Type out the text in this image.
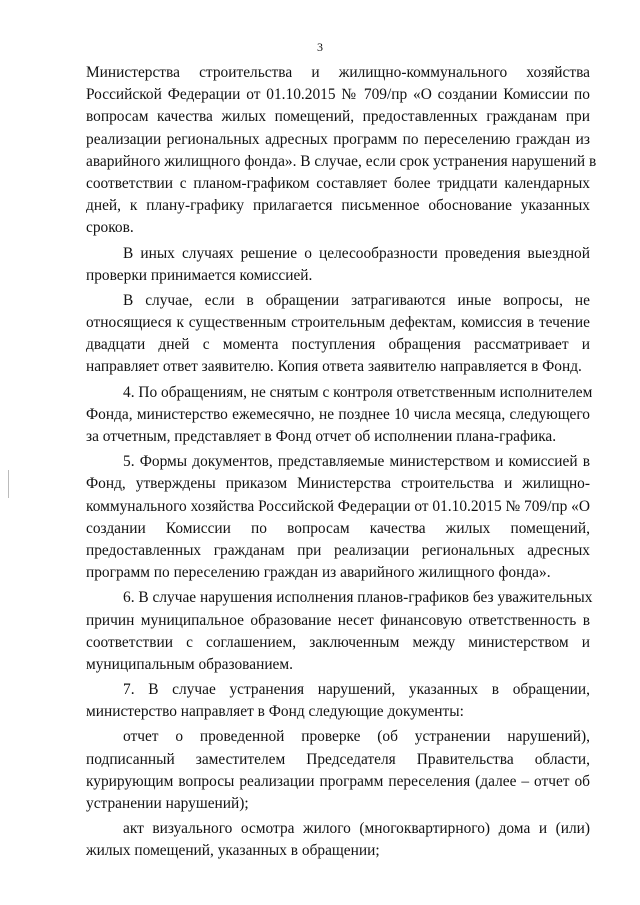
3
Министерства строительства и жилищно-коммунального хозяйства
Российской Федерации от 01.10.2015 № 709/пр «О создании Комиссии по
вопросам качества жилых помещений, предоставленных гражданам при
реализации региональных адресных программ по переселению граждан из
аварийного жилищного фонда». В случае, если срок устранения нарушений в
соответствии с планом-графиком составляет более тридцати календарных
дней, к плану-графику прилагается письменное обоснование указанных
сроков.
В иных случаях решение о целесообразности проведения выездной
проверки принимается комиссией.
В случае, если в обращении затрагиваются иные вопросы, не
относящиеся к существенным строительным дефектам, комиссия в течение
двадцати дней с момента поступления обращения рассматривает и
направляет ответ заявителю. Копия ответа заявителю направляется в Фонд.
4. По обращениям, не снятым с контроля ответственным исполнителем
Фонда, министерство ежемесячно, не позднее 10 числа месяца, следующего
за отчетным, представляет в Фонд отчет об исполнении плана-графика.
5. Формы документов, представляемые министерством и комиссией в
Фонд, утверждены приказом Министерства строительства и жилищно-
коммунального хозяйства Российской Федерации от 01.10.2015 № 709/пр «О
создании Комиссии по вопросам качества жилых помещений,
предоставленных гражданам при реализации региональных адресных
программ по переселению граждан из аварийного жилищного фонда».
6. В случае нарушения исполнения планов-графиков без уважительных
причин муниципальное образование несет финансовую ответственность в
соответствии с соглашением, заключенным между министерством и
муниципальным образованием.
7. В случае устранения нарушений, указанных в обращении,
министерство направляет в Фонд следующие документы:
отчет о проведенной проверке (об устранении нарушений),
подписанный заместителем Председателя Правительства области,
курирующим вопросы реализации программ переселения (далее – отчет об
устранении нарушений);
акт визуального осмотра жилого (многоквартирного) дома и (или)
жилых помещений, указанных в обращении;
